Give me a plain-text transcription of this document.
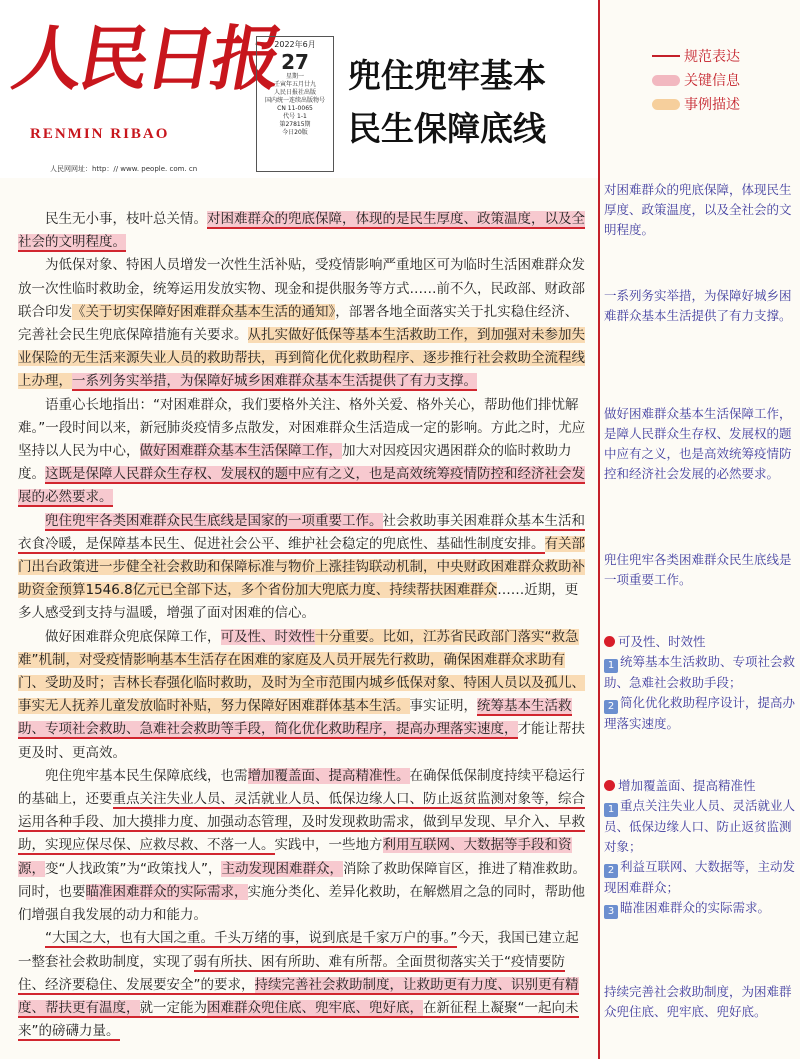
人民日报
RENMIN RIBAO
人民网网址：http：// www. people. com. cn
2022年6月
27
星期一
壬寅年五月廿九
人民日报社出版
国内统一连续出版物号
CN 11-0065
代号 1-1
第27815期
今日20版
兜住兜牢基本
民生保障底线
规范表达
关键信息
事例描述

民生无小事，枝叶总关情。对困难群众的兜底保障，体现的是民生厚度、政策温度，以及全社会的文明程度。

为低保对象、特困人员增发一次性生活补贴，受疫情影响严重地区可为临时生活困难群众发放一次性临时救助金，统筹运用发放实物、现金和提供服务等方式……前不久，民政部、财政部联合印发《关于切实保障好困难群众基本生活的通知》，部署各地全面落实关于扎实稳住经济、完善社会民生兜底保障措施有关要求。从扎实做好低保等基本生活救助工作，到加强对未参加失业保险的无生活来源失业人员的救助帮扶，再到简化优化救助程序、逐步推行社会救助全流程线上办理，一系列务实举措，为保障好城乡困难群众基本生活提供了有力支撑。

语重心长地指出：“对困难群众，我们要格外关注、格外关爱、格外关心，帮助他们排忧解难。”一段时间以来，新冠肺炎疫情多点散发，对困难群众生活造成一定的影响。方此之时，尤应坚持以人民为中心，做好困难群众基本生活保障工作，加大对因疫因灾遇困群众的临时救助力度。这既是保障人民群众生存权、发展权的题中应有之义，也是高效统筹疫情防控和经济社会发展的必然要求。

兜住兜牢各类困难群众民生底线是国家的一项重要工作。社会救助事关困难群众基本生活和衣食冷暖，是保障基本民生、促进社会公平、维护社会稳定的兜底性、基础性制度安排。有关部门出台政策进一步健全社会救助和保障标准与物价上涨挂钩联动机制，中央财政困难群众救助补助资金预算1546.8亿元已全部下达，多个省份加大兜底力度、持续帮扶困难群众……近期，更多人感受到支持与温暖，增强了面对困难的信心。

做好困难群众兜底保障工作，可及性、时效性十分重要。比如，江苏省民政部门落实“救急难”机制，对受疫情影响基本生活存在困难的家庭及人员开展先行救助，确保困难群众求助有门、受助及时；吉林长春强化临时救助，及时为全市范围内城乡低保对象、特困人员以及孤儿、事实无人抚养儿童发放临时补贴，努力保障好困难群体基本生活。事实证明，统筹基本生活救助、专项社会救助、急难社会救助等手段，简化优化救助程序，提高办理落实速度，才能让帮扶更及时、更高效。

兜住兜牢基本民生保障底线，也需增加覆盖面、提高精准性。在确保低保制度持续平稳运行的基础上，还要重点关注失业人员、灵活就业人员、低保边缘人口、防止返贫监测对象等，综合运用各种手段、加大摸排力度、加强动态管理，及时发现救助需求，做到早发现、早介入、早救助，实现应保尽保、应救尽救、不落一人。实践中，一些地方利用互联网、大数据等手段和资源，变“人找政策”为“政策找人”，主动发现困难群众，消除了救助保障盲区，推进了精准救助。同时，也要瞄准困难群众的实际需求，实施分类化、差异化救助，在解燃眉之急的同时，帮助他们增强自我发展的动力和能力。

“大国之大，也有大国之重。千头万绪的事，说到底是千家万户的事。”今天，我国已建立起一整套社会救助制度，实现了弱有所扶、困有所助、难有所帮。全面贯彻落实关于“疫情要防住、经济要稳住、发展要安全”的要求，持续完善社会救助制度，让救助更有力度、识别更有精度、帮扶更有温度，就一定能为困难群众兜住底、兜牢底、兜好底，在新征程上凝聚“一起向未来”的磅礴力量。

对困难群众的兜底保障，体现民生厚度、政策温度，以及全社会的文明程度。
一系列务实举措，为保障好城乡困难群众基本生活提供了有力支撑。
做好困难群众基本生活保障工作，是障人民群众生存权、发展权的题中应有之义，也是高效统筹疫情防控和经济社会发展的必然要求。
兜住兜牢各类困难群众民生底线是一项重要工作。
可及性、时效性
1 统筹基本生活救助、专项社会救助、急难社会救助手段；
2 简化优化救助程序设计，提高办理落实速度。
增加覆盖面、提高精准性
1 重点关注失业人员、灵活就业人员、低保边缘人口、防止返贫监测对象；
2 利益互联网、大数据等，主动发现困难群众；
3 瞄准困难群众的实际需求。
持续完善社会救助制度，为困难群众兜住底、兜牢底、兜好底。
